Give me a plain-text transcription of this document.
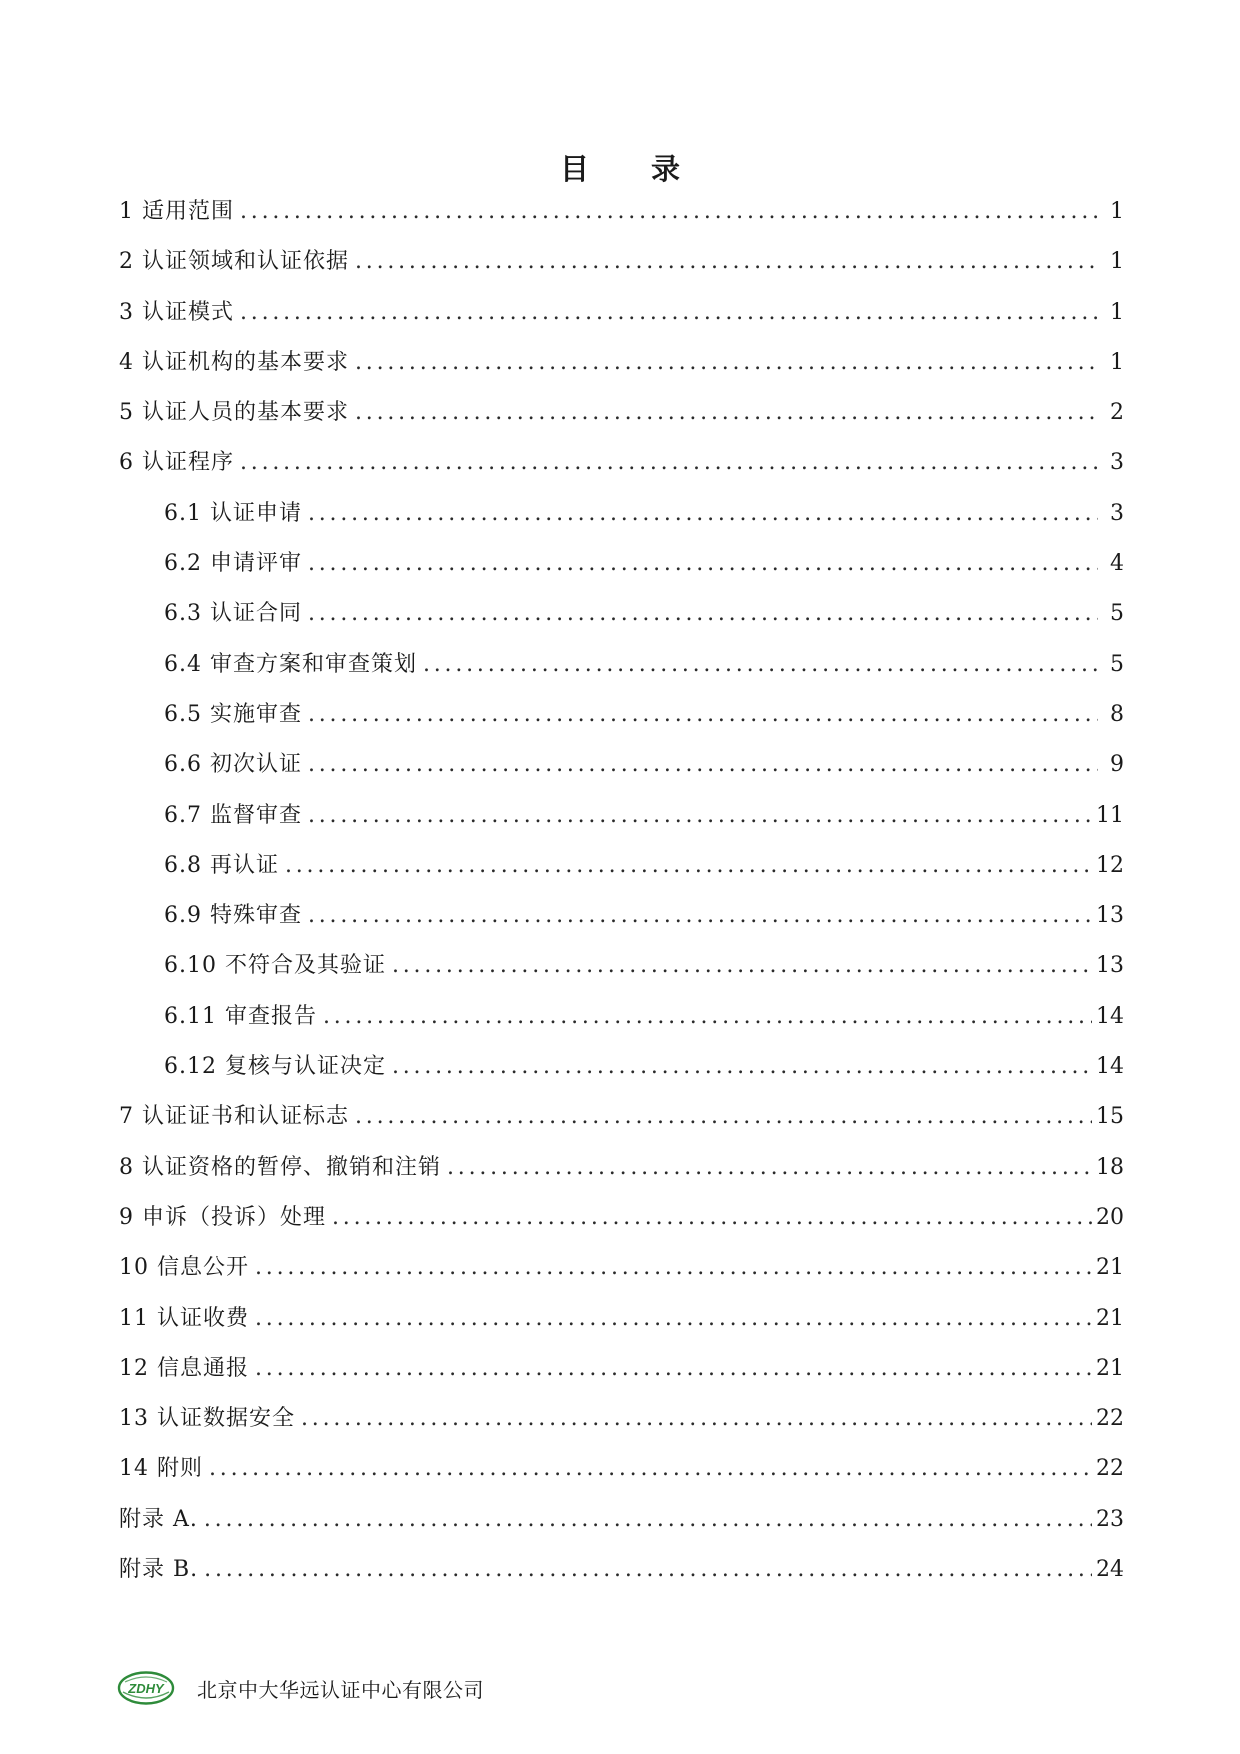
目 录
1 适用范围 . . .	1
2 认证领域和认证依据 . . .	1
3 认证模式 . . .	1
4 认证机构的基本要求 . . .	1
5 认证人员的基本要求 . . .	2
6 认证程序 . . .	3
6.1 认证申请 . . .	3
6.2 申请评审 . . .	4
6.3 认证合同 . . .	5
6.4 审查方案和审查策划 . . .	5
6.5 实施审查 . . .	8
6.6 初次认证 . . .	9
6.7 监督审查 . . .	11
6.8 再认证 . . .	12
6.9 特殊审查 . . .	13
6.10 不符合及其验证 . . .	13
6.11 审查报告 . . .	14
6.12 复核与认证决定 . . .	14
7 认证证书和认证标志 . . .	15
8 认证资格的暂停、撤销和注销 . . .	18
9 申诉（投诉）处理 . . .	20
10 信息公开 . . .	21
11 认证收费 . . .	21
12 信息通报 . . .	21
13 认证数据安全 . . .	22
14 附则 . . .	22
附录 A. . . .	23
附录 B. . . .	24
ZDHY 北京中大华远认证中心有限公司
